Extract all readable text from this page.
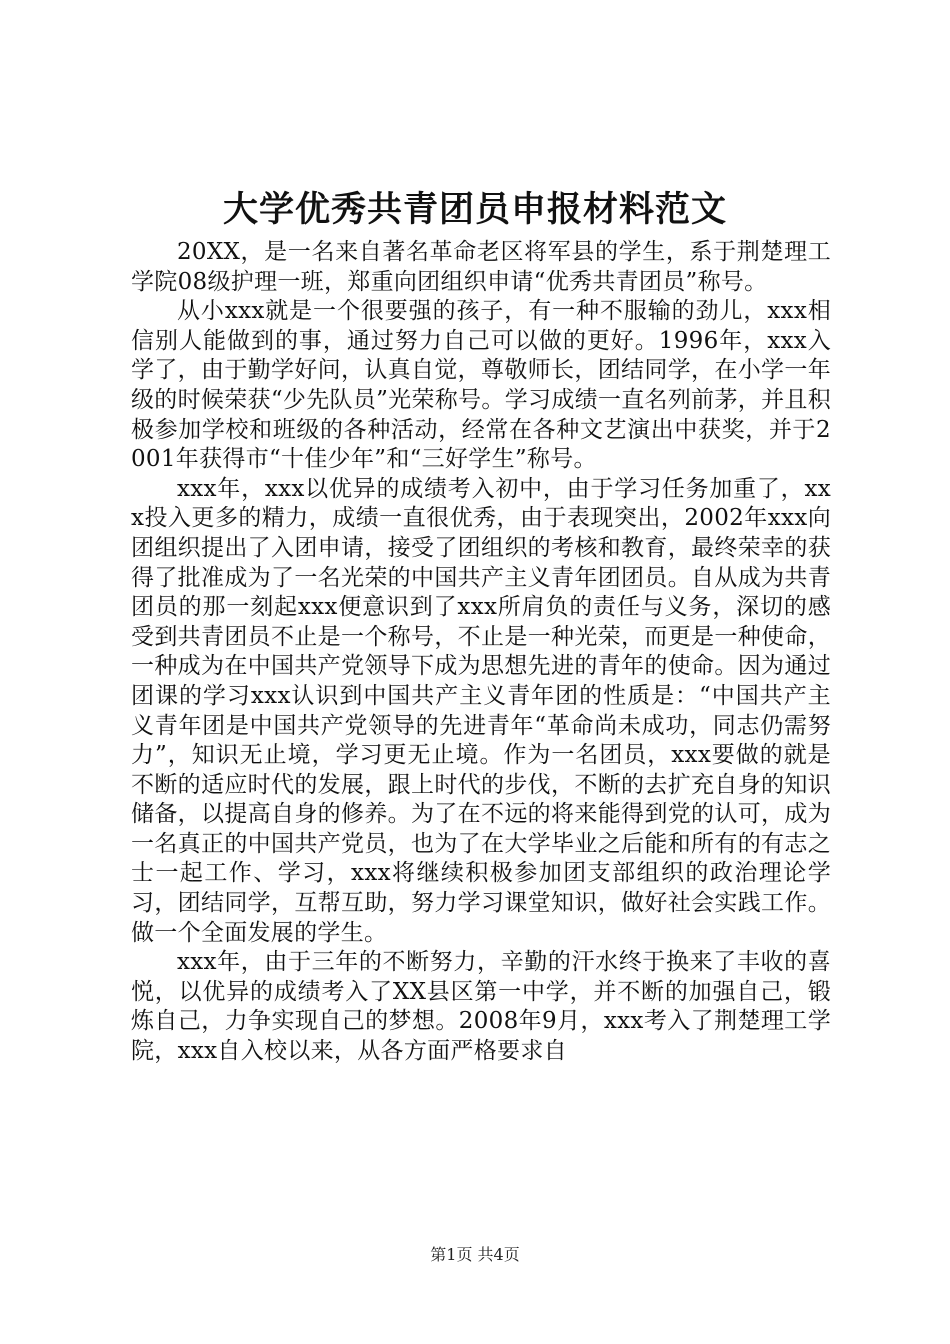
大学优秀共青团员申报材料范文

20XX，是一名来自著名革命老区将军县的学生，系于荆楚理工学院08级护理一班，郑重向团组织申请“优秀共青团员”称号。

从小xxx就是一个很要强的孩子，有一种不服输的劲儿，xxx相信别人能做到的事，通过努力自己可以做的更好。1996年，xxx入学了，由于勤学好问，认真自觉，尊敬师长，团结同学，在小学一年级的时候荣获“少先队员”光荣称号。学习成绩一直名列前茅，并且积极参加学校和班级的各种活动，经常在各种文艺演出中获奖，并于2001年获得市“十佳少年”和“三好学生”称号。

xxx年，xxx以优异的成绩考入初中，由于学习任务加重了，xxx投入更多的精力，成绩一直很优秀，由于表现突出，2002年xxx向团组织提出了入团申请，接受了团组织的考核和教育，最终荣幸的获得了批准成为了一名光荣的中国共产主义青年团团员。自从成为共青团员的那一刻起xxx便意识到了xxx所肩负的责任与义务，深切的感受到共青团员不止是一个称号，不止是一种光荣，而更是一种使命，一种成为在中国共产党领导下成为思想先进的青年的使命。因为通过团课的学习xxx认识到中国共产主义青年团的性质是：“中国共产主义青年团是中国共产党领导的先进青年“革命尚未成功，同志仍需努力”，知识无止境，学习更无止境。作为一名团员，xxx要做的就是不断的适应时代的发展，跟上时代的步伐，不断的去扩充自身的知识储备，以提高自身的修养。为了在不远的将来能得到党的认可，成为一名真正的中国共产党员，也为了在大学毕业之后能和所有的有志之士一起工作、学习，xxx将继续积极参加团支部组织的政治理论学习，团结同学，互帮互助，努力学习课堂知识，做好社会实践工作。做一个全面发展的学生。

xxx年，由于三年的不断努力，辛勤的汗水终于换来了丰收的喜悦，以优异的成绩考入了XX县区第一中学，并不断的加强自己，锻炼自己，力争实现自己的梦想。2008年9月，xxx考入了荆楚理工学院，xxx自入校以来，从各方面严格要求自

第1页 共4页
